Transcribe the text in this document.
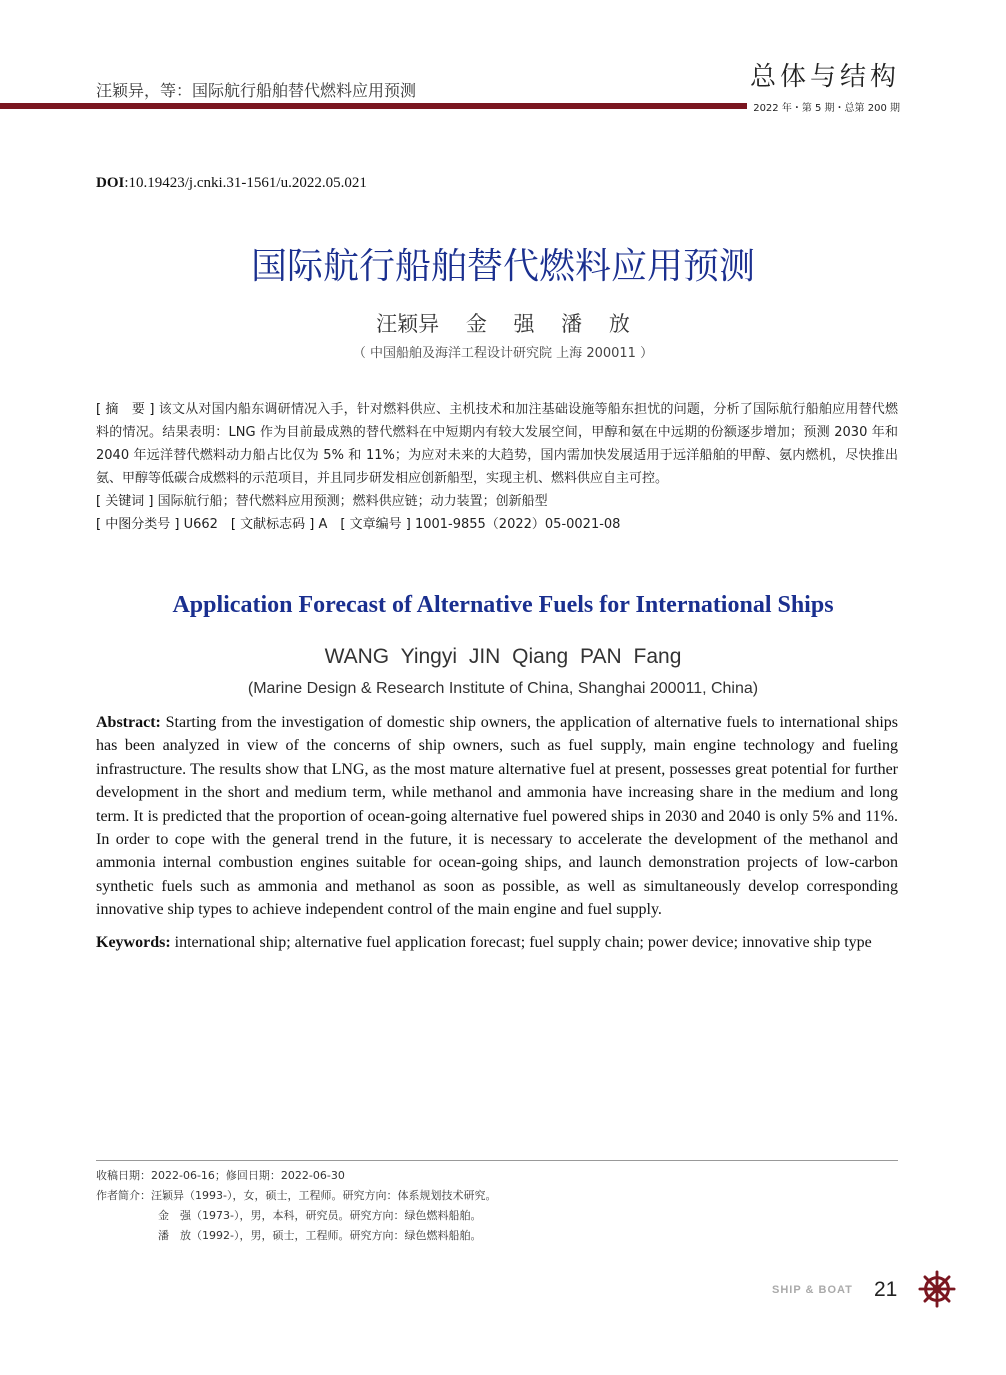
汪颖异，等：国际航行船舶替代燃料应用预测	总体与结构
2022 年・第 5 期・总第 200 期
DOI:10.19423/j.cnki.31-1561/u.2022.05.021
国际航行船舶替代燃料应用预测
汪颖异 金 强 潘 放
（ 中国船舶及海洋工程设计研究院 上海 200011 ）

[ 摘　要 ] 该文从对国内船东调研情况入手，针对燃料供应、主机技术和加注基础设施等船东担忧的问题，分析了国际航行船舶应用替代燃料的情况。结果表明：LNG 作为目前最成熟的替代燃料在中短期内有较大发展空间，甲醇和氨在中远期的份额逐步增加；预测 2030 年和 2040 年远洋替代燃料动力船占比仅为 5% 和 11%；为应对未来的大趋势，国内需加快发展适用于远洋船舶的甲醇、氨内燃机，尽快推出氨、甲醇等低碳合成燃料的示范项目，并且同步研发相应创新船型，实现主机、燃料供应自主可控。

[ 关键词 ] 国际航行船；替代燃料应用预测；燃料供应链；动力装置；创新船型

[ 中图分类号 ] U662　 [ 文献标志码 ] A　 [ 文章编号 ] 1001-9855（2022）05-0021-08

Application Forecast of Alternative Fuels for International Ships
WANG Yingyi JIN Qiang PAN Fang
(Marine Design & Research Institute of China, Shanghai 200011, China)

Abstract: Starting from the investigation of domestic ship owners, the application of alternative fuels to international ships has been analyzed in view of the concerns of ship owners, such as fuel supply, main engine technology and fueling infrastructure. The results show that LNG, as the most mature alternative fuel at present, possesses great potential for further development in the short and medium term, while methanol and ammonia have increasing share in the medium and long term. It is predicted that the proportion of ocean-going alternative fuel powered ships in 2030 and 2040 is only 5% and 11%. In order to cope with the general trend in the future, it is necessary to accelerate the development of the methanol and ammonia internal combustion engines suitable for ocean-going ships, and launch demonstration projects of low-carbon synthetic fuels such as ammonia and methanol as soon as possible, as well as simultaneously develop corresponding innovative ship types to achieve independent control of the main engine and fuel supply.

Keywords: international ship; alternative fuel application forecast; fuel supply chain; power device; innovative ship type

收稿日期：2022-06-16；修回日期：2022-06-30
作者简介：汪颖异（1993-），女，硕士，工程师。研究方向：体系规划技术研究。
金　强（1973-），男，本科，研究员。研究方向：绿色燃料船舶。
潘　放（1992-），男，硕士，工程师。研究方向：绿色燃料船舶。
SHIP & BOAT 21
